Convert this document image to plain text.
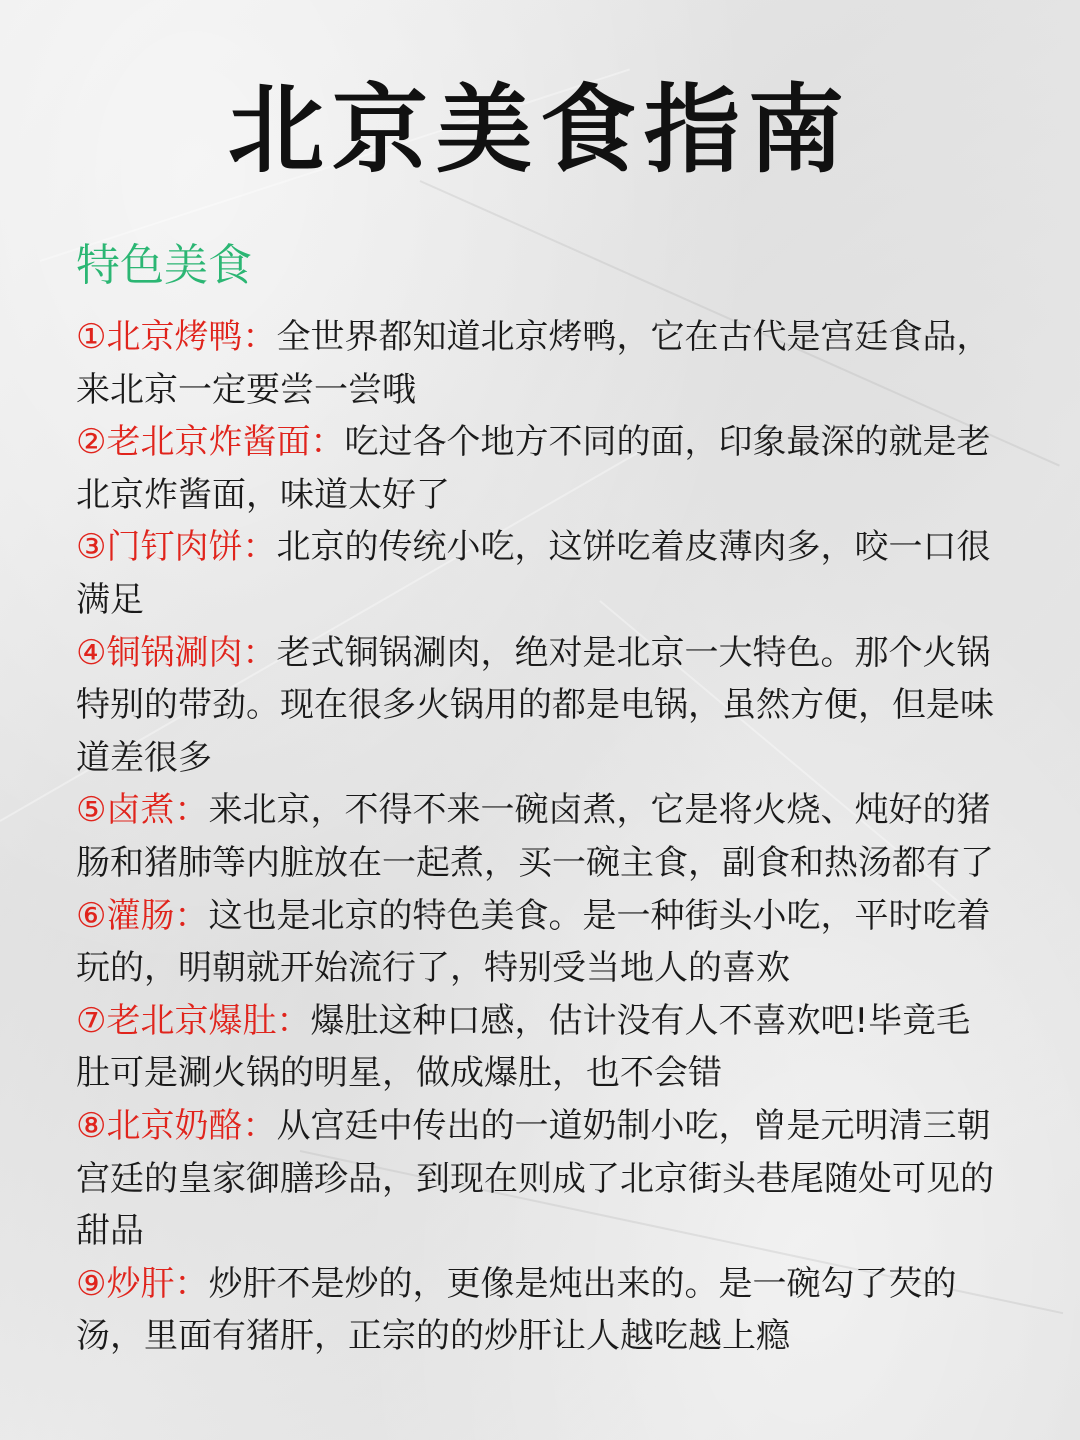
北京美食指南
特色美食

①北京烤鸭：全世界都知道北京烤鸭，它在古代是宫廷食品，来北京一定要尝一尝哦

②老北京炸酱面：吃过各个地方不同的面，印象最深的就是老北京炸酱面，味道太好了

③门钉肉饼：北京的传统小吃，这饼吃着皮薄肉多，咬一口很满足

④铜锅涮肉：老式铜锅涮肉，绝对是北京一大特色。那个火锅特别的带劲。现在很多火锅用的都是电锅，虽然方便，但是味道差很多

⑤卤煮：来北京，不得不来一碗卤煮，它是将火烧、炖好的猪肠和猪肺等内脏放在一起煮，买一碗主食，副食和热汤都有了

⑥灌肠：这也是北京的特色美食。是一种街头小吃，平时吃着玩的，明朝就开始流行了，特别受当地人的喜欢

⑦老北京爆肚：爆肚这种口感，估计没有人不喜欢吧!毕竟毛肚可是涮火锅的明星，做成爆肚，也不会错

⑧北京奶酪：从宫廷中传出的一道奶制小吃，曾是元明清三朝宫廷的皇家御膳珍品，到现在则成了北京街头巷尾随处可见的甜品

⑨炒肝：炒肝不是炒的，更像是炖出来的。是一碗勾了芡的汤，里面有猪肝，正宗的的炒肝让人越吃越上瘾
